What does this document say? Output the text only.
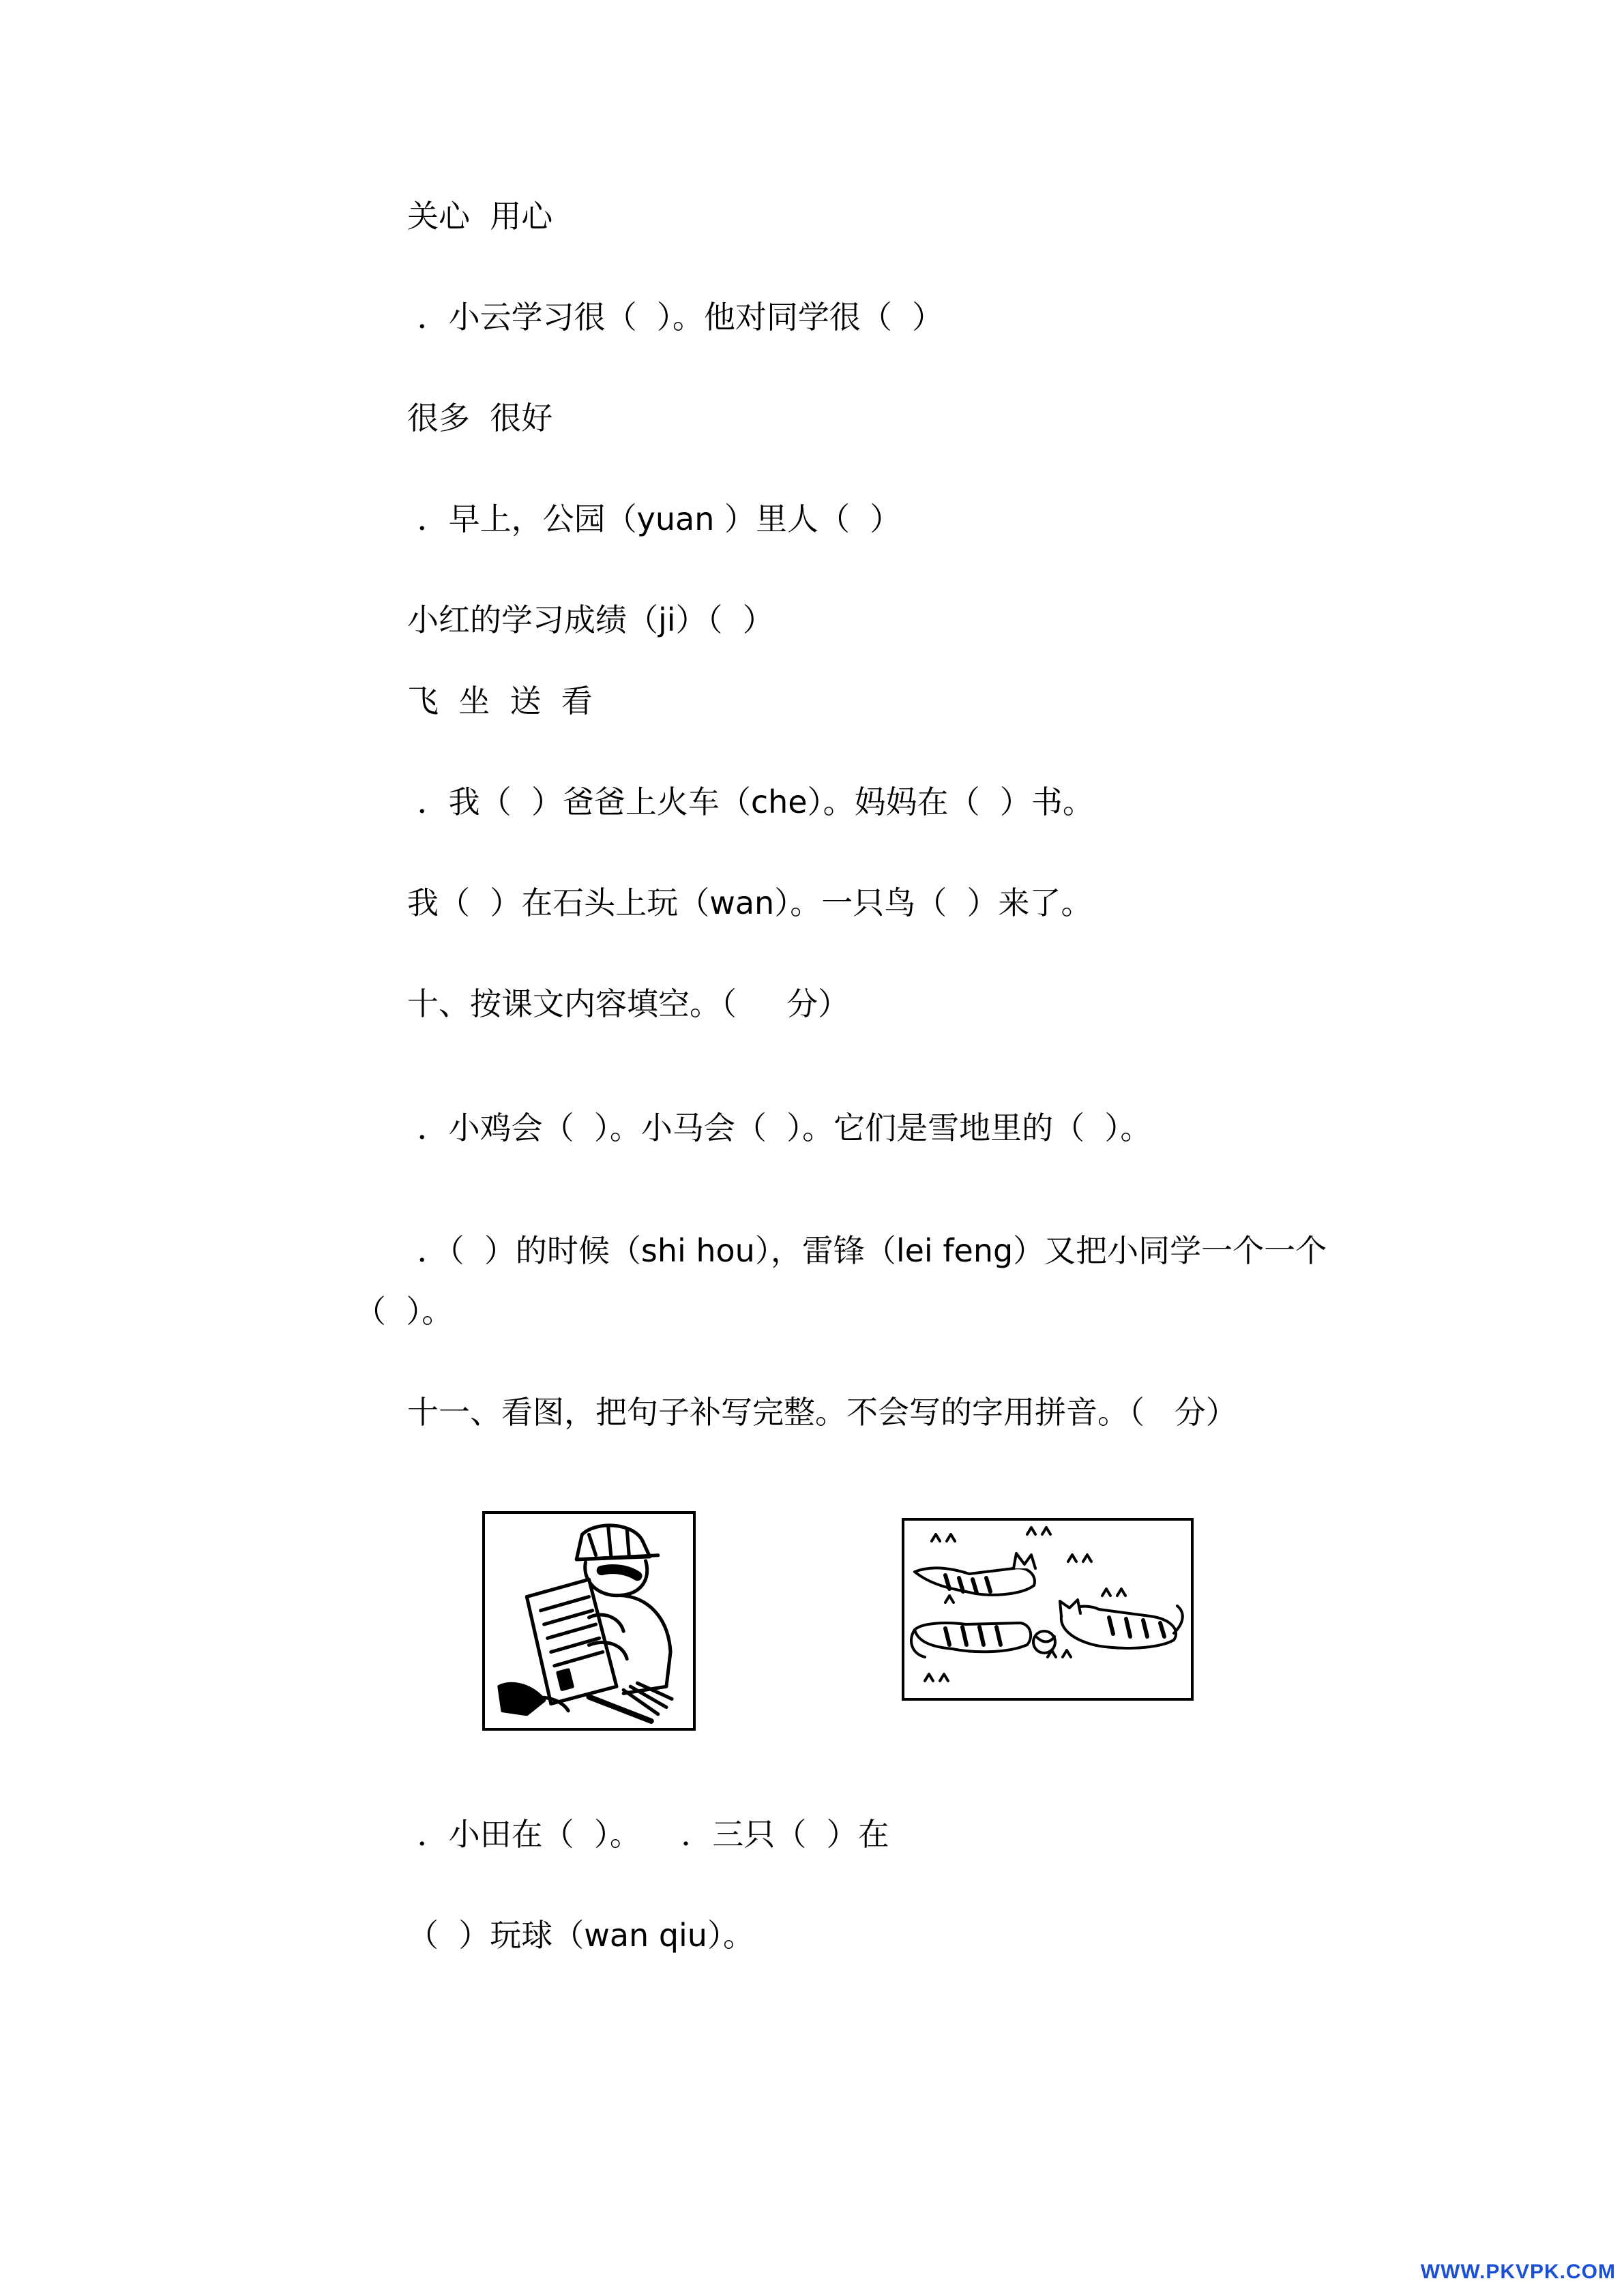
关心  用心
．小云学习很（  ）。他对同学很（  ）
很多  很好
．早上，公园（yuan ）里人（  ）
小红的学习成绩（ji）（  ）
飞  坐  送  看
．我（  ）爸爸上火车（che）。妈妈在（  ）书。
我（  ）在石头上玩（wan）。一只鸟（  ）来了。
十、按课文内容填空。（     分）
．小鸡会（  ）。小马会（  ）。它们是雪地里的（  ）。
．（  ）的时候（shi hou），雷锋（lei feng）又把小同学一个一个
（  ）。
十一、看图，把句子补写完整。不会写的字用拼音。（   分）
．小田在（  ）。    ．三只（  ）在
（  ）玩球（wan qiu）。
WWW.PKVPK.COM
